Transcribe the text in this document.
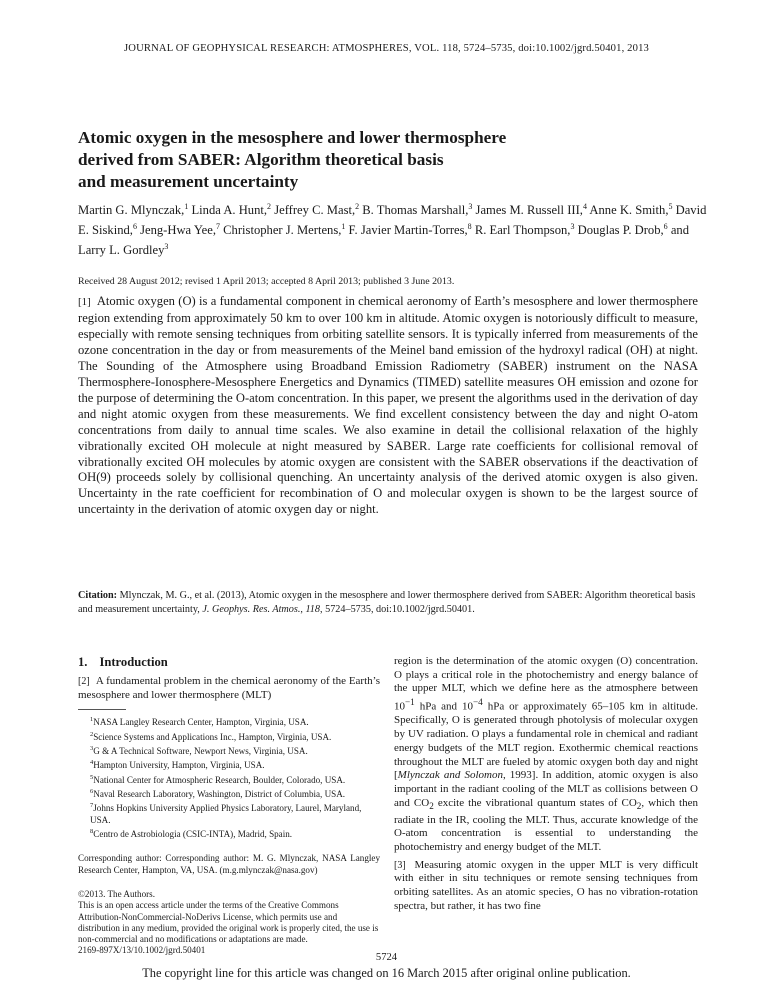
JOURNAL OF GEOPHYSICAL RESEARCH: ATMOSPHERES, VOL. 118, 5724–5735, doi:10.1002/jgrd.50401, 2013
Atomic oxygen in the mesosphere and lower thermosphere
derived from SABER: Algorithm theoretical basis
and measurement uncertainty
Martin G. Mlynczak,$^1$ Linda A. Hunt,$^2$ Jeffrey C. Mast,$^2$ B. Thomas Marshall,$^3$ James M. Russell III,$^4$ Anne K. Smith,$^5$ David E. Siskind,$^6$ Jeng-Hwa Yee,$^7$ Christopher J. Mertens,$^1$ F. Javier Martin-Torres,$^8$ R. Earl Thompson,$^3$ Douglas P. Drob,$^6$ and Larry L. Gordley$^3$
Received 28 August 2012; revised 1 April 2013; accepted 8 April 2013; published 3 June 2013.
[1] Atomic oxygen (O) is a fundamental component in chemical aeronomy of Earth’s mesosphere and lower thermosphere region extending from approximately 50 km to over 100 km in altitude. Atomic oxygen is notoriously difficult to measure, especially with remote sensing techniques from orbiting satellite sensors. It is typically inferred from measurements of the ozone concentration in the day or from measurements of the Meinel band emission of the hydroxyl radical (OH) at night. The Sounding of the Atmosphere using Broadband Emission Radiometry (SABER) instrument on the NASA Thermosphere-Ionosphere-Mesosphere Energetics and Dynamics (TIMED) satellite measures OH emission and ozone for the purpose of determining the O-atom concentration. In this paper, we present the algorithms used in the derivation of day and night atomic oxygen from these measurements. We find excellent consistency between the day and night O-atom concentrations from daily to annual time scales. We also examine in detail the collisional relaxation of the highly vibrationally excited OH molecule at night measured by SABER. Large rate coefficients for collisional removal of vibrationally excited OH molecules by atomic oxygen are consistent with the SABER observations if the deactivation of OH(9) proceeds solely by collisional quenching. An uncertainty analysis of the derived atomic oxygen is also given. Uncertainty in the rate coefficient for recombination of O and molecular oxygen is shown to be the largest source of uncertainty in the derivation of atomic oxygen day or night.
Citation: Mlynczak, M. G., et al. (2013), Atomic oxygen in the mesosphere and lower thermosphere derived from SABER: Algorithm theoretical basis and measurement uncertainty, J. Geophys. Res. Atmos., 118, 5724–5735, doi:10.1002/jgrd.50401.
1. Introduction

[2] A fundamental problem in the chemical aeronomy of the Earth’s mesosphere and lower thermosphere (MLT)

$^1$NASA Langley Research Center, Hampton, Virginia, USA.

$^2$Science Systems and Applications Inc., Hampton, Virginia, USA.

$^3$G & A Technical Software, Newport News, Virginia, USA.

$^4$Hampton University, Hampton, Virginia, USA.

$^5$National Center for Atmospheric Research, Boulder, Colorado, USA.

$^6$Naval Research Laboratory, Washington, District of Columbia, USA.

$^7$Johns Hopkins University Applied Physics Laboratory, Laurel, Maryland, USA.

$^8$Centro de Astrobiologia (CSIC-INTA), Madrid, Spain.

Corresponding author: Corresponding author: M. G. Mlynczak, NASA Langley Research Center, Hampton, VA, USA. (m.g.mlynczak@nasa.gov)

©2013. The Authors.
This is an open access article under the terms of the Creative Commons Attribution-NonCommercial-NoDerivs License, which permits use and distribution in any medium, provided the original work is properly cited, the use is non-commercial and no modifications or adaptations are made.
2169-897X/13/10.1002/jgrd.50401

region is the determination of the atomic oxygen (O) concentration. O plays a critical role in the photochemistry and energy balance of the upper MLT, which we define here as the atmosphere between $10^{-1}$ hPa and $10^{-4}$ hPa or approximately 65–105 km in altitude. Specifically, O is generated through photolysis of molecular oxygen by UV radiation. O plays a fundamental role in chemical and radiant energy budgets of the MLT region. Exothermic chemical reactions throughout the MLT are fueled by atomic oxygen both day and night [Mlynczak and Solomon, 1993]. In addition, atomic oxygen is also important in the radiant cooling of the MLT as collisions between O and $CO_2$ excite the vibrational quantum states of $CO_2$, which then radiate in the IR, cooling the MLT. Thus, accurate knowledge of the O-atom concentration is essential to understanding the photochemistry and energy budget of the MLT.

[3] Measuring atomic oxygen in the upper MLT is very difficult with either in situ techniques or remote sensing techniques from orbiting satellites. As an atomic species, O has no vibration-rotation spectra, but rather, it has two fine

5724
The copyright line for this article was changed on 16 March 2015 after original online publication.
